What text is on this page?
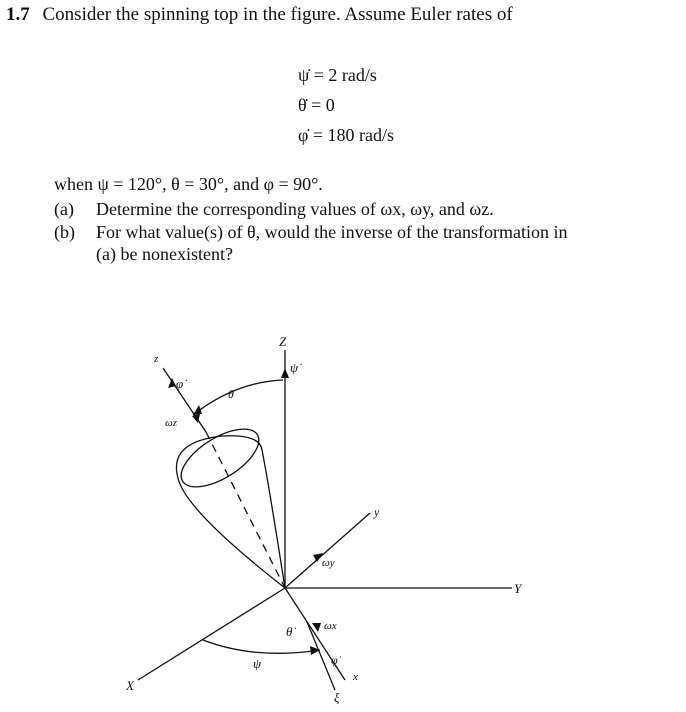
1.7 Consider the spinning top in the figure. Assume Euler rates of
ψ̇ = 2 rad/s
θ̇ = 0
φ̇ = 180 rad/s
when ψ = 120°, θ = 30°, and φ = 90°.
(a) Determine the corresponding values of ωx, ωy, and ωz.
(b) For what value(s) of θ, would the inverse of the transformation in
(a) be nonexistent?
Z
z
X
x
Y
y
θ
ψ̇
φ̇
θ̇	ωx
ωy
ωz
ψ	φ̇
ξ
